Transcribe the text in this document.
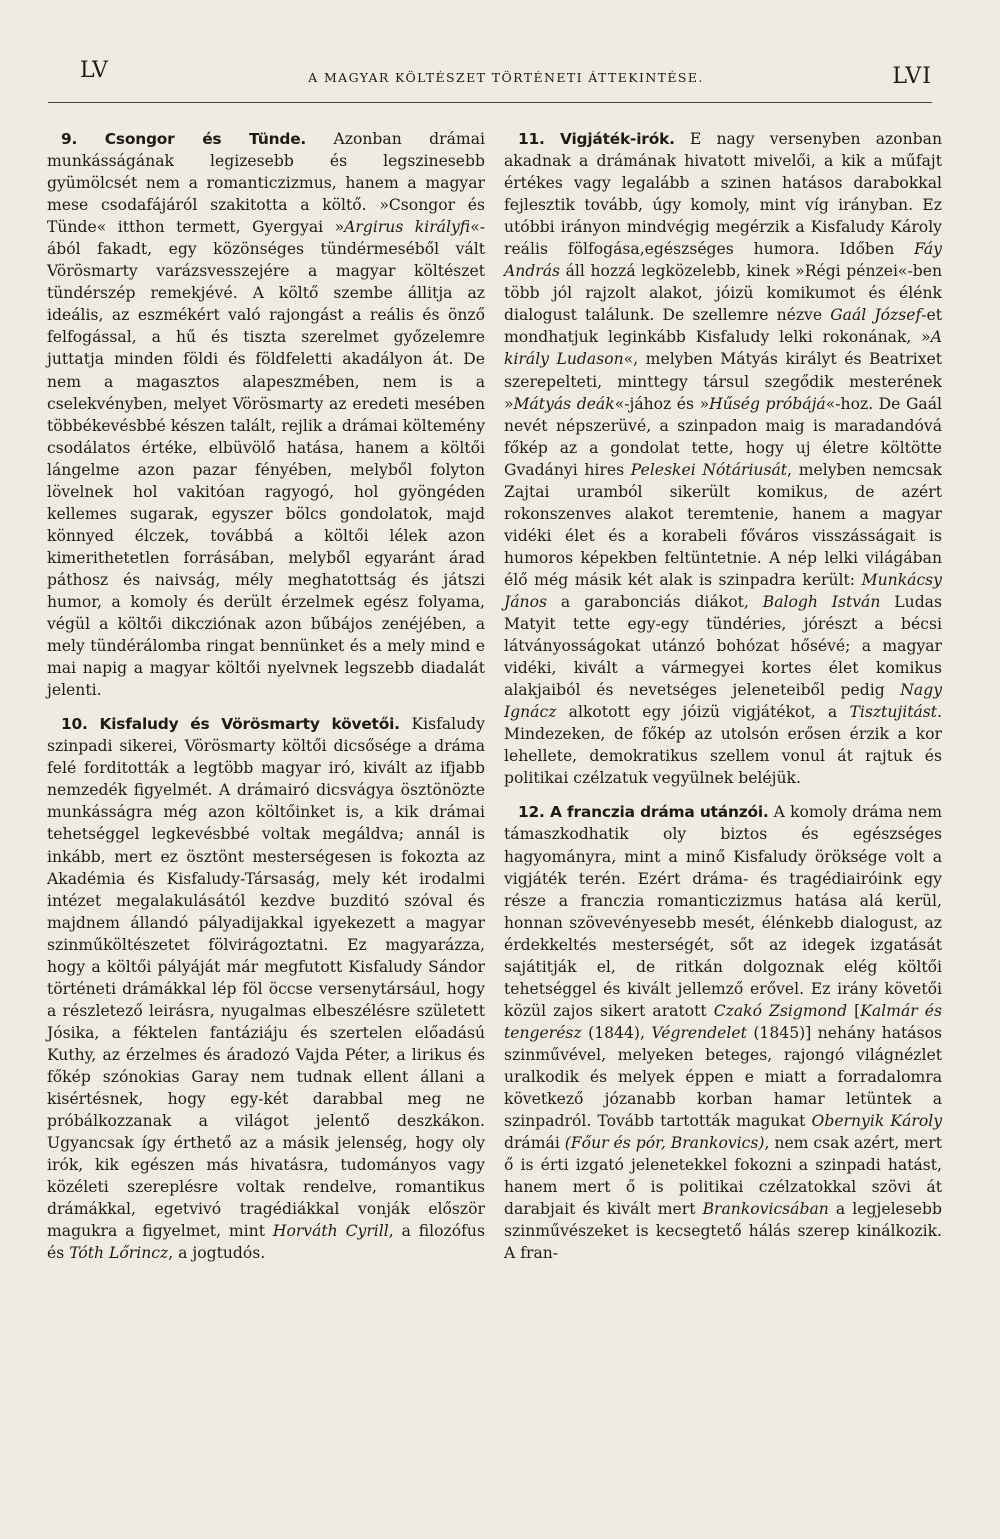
LV	A MAGYAR KÖLTÉSZET TÖRTÉNETI ÁTTEKINTÉSE.	LVI

9. Csongor és Tünde. Azonban drámai munkásságának legizesebb és legszinesebb gyümölcsét nem a romanticzizmus, hanem a magyar mese csodafájáról szakitotta a költő. »Csongor és Tünde« itthon termett, Gyergyai »Argirus királyfi«-ából fakadt, egy közönséges tündérmeséből vált Vörösmarty varázsvesszejére a magyar költészet tündérszép remekjévé. A költő szembe állitja az ideális, az eszmékért való rajongást a reális és önző felfogással, a hű és tiszta szerelmet győzelemre juttatja minden földi és földfeletti akadályon át. De nem a magasztos alapeszmében, nem is a cselekvényben, melyet Vörösmarty az eredeti mesében többékevésbbé készen talált, rejlik a drámai költemény csodálatos értéke, elbüvölő hatása, hanem a költői lángelme azon pazar fényében, melyből folyton lövelnek hol vakitóan ragyogó, hol gyöngéden kellemes sugarak, egyszer bölcs gondolatok, majd könnyed élczek, továbbá a költői lélek azon kimerithetetlen forrásában, melyből egyaránt árad páthosz és naivság, mély meghatottság és játszi humor, a komoly és derült érzelmek egész folyama, végül a költői dikcziónak azon bűbájos zenéjében, a mely tündérálomba ringat bennünket és a mely mind e mai napig a magyar költői nyelvnek legszebb diadalát jelenti.

10. Kisfaludy és Vörösmarty követői. Kisfaludy szinpadi sikerei, Vörösmarty költői dicsősége a dráma felé forditották a legtöbb magyar iró, kivált az ifjabb nemzedék figyelmét. A drámairó dicsvágya ösztönözte munkásságra még azon költőinket is, a kik drámai tehetséggel legkevésbbé voltak megáldva; annál is inkább, mert ez ösztönt mesterségesen is fokozta az Akadémia és Kisfaludy-Társaság, mely két irodalmi intézet megalakulásától kezdve buzditó szóval és majdnem állandó pályadijakkal igyekezett a magyar szinműköltészetet fölvirágoztatni. Ez magyarázza, hogy a költői pályáját már megfutott Kisfaludy Sándor történeti drámákkal lép föl öccse versenytársául, hogy a részletező leirásra, nyugalmas elbeszélésre született Jósika, a féktelen fantáziáju és szertelen előadású Kuthy, az érzelmes és áradozó Vajda Péter, a lirikus és főkép szónokias Garay nem tudnak ellent állani a kisértésnek, hogy egy-két darabbal meg ne próbálkozzanak a világot jelentő deszkákon. Ugyancsak így érthető az a másik jelenség, hogy oly irók, kik egészen más hivatásra, tudományos vagy közéleti szereplésre voltak rendelve, romantikus drámákkal, egetvivó tragédiákkal vonják először magukra a figyelmet, mint Horváth Cyrill, a filozófus és Tóth Lőrincz, a jogtudós.

11. Vigjáték-irók. E nagy versenyben azonban akadnak a drámának hivatott mivelői, a kik a műfajt értékes vagy legalább a szinen hatásos darabokkal fejlesztik tovább, úgy komoly, mint víg irányban. Ez utóbbi irányon mindvégig megérzik a Kisfaludy Károly reális fölfogása,egészséges humora. Időben Fáy András áll hozzá legközelebb, kinek »Régi pénzei«-ben több jól rajzolt alakot, jóizü komikumot és élénk dialogust találunk. De szellemre nézve Gaál József-et mondhatjuk leginkább Kisfaludy lelki rokonának, »A király Ludason«, melyben Mátyás királyt és Beatrixet szerepelteti, minttegy társul szegődik mesterének »Mátyás deák«-jához és »Hűség próbájá«-hoz. De Gaál nevét népszerüvé, a szinpadon maig is maradandóvá főkép az a gondolat tette, hogy uj életre költötte Gvadányi hires Peleskei Nótáriusát, melyben nemcsak Zajtai uramból sikerült komikus, de azért rokonszenves alakot teremtenie, hanem a magyar vidéki élet és a korabeli főváros visszásságait is humoros képekben feltüntetnie. A nép lelki világában élő még másik két alak is szinpadra került: Munkácsy János a garabonciás diákot, Balogh István Ludas Matyit tette egy-egy tündéries, jórészt a bécsi látványosságokat utánzó bohózat hősévé; a magyar vidéki, kivált a vármegyei kortes élet komikus alakjaiból és nevetséges jeleneteiből pedig Nagy Ignácz alkotott egy jóizü vigjátékot, a Tisztujitást. Mindezeken, de főkép az utolsón erősen érzik a kor lehellete, demokratikus szellem vonul át rajtuk és politikai czélzatuk vegyülnek beléjük.

12. A franczia dráma utánzói. A komoly dráma nem támaszkodhatik oly biztos és egészséges hagyományra, mint a minő Kisfaludy öröksége volt a vigjáték terén. Ezért dráma- és tragédiairóink egy része a franczia romanticzizmus hatása alá kerül, honnan szövevényesebb mesét, élénkebb dialogust, az érdekkeltés mesterségét, sőt az idegek izgatását sajátitják el, de ritkán dolgoznak elég költői tehetséggel és kivált jellemző erővel. Ez irány követői közül zajos sikert aratott Czakó Zsigmond [Kalmár és tengerész (1844), Végrendelet (1845)] nehány hatásos szinművével, melyeken beteges, rajongó világnézlet uralkodik és melyek éppen e miatt a forradalomra következő józanabb korban hamar letüntek a szinpadról. Tovább tartották magukat Obernyik Károly drámái (Főur és pór, Brankovics), nem csak azért, mert ő is érti izgató jelenetekkel fokozni a szinpadi hatást, hanem mert ő is politikai czélzatokkal szövi át darabjait és kivált mert Brankovicsában a legjelesebb szinművészeket is kecsegtető hálás szerep kinálkozik. A fran-
